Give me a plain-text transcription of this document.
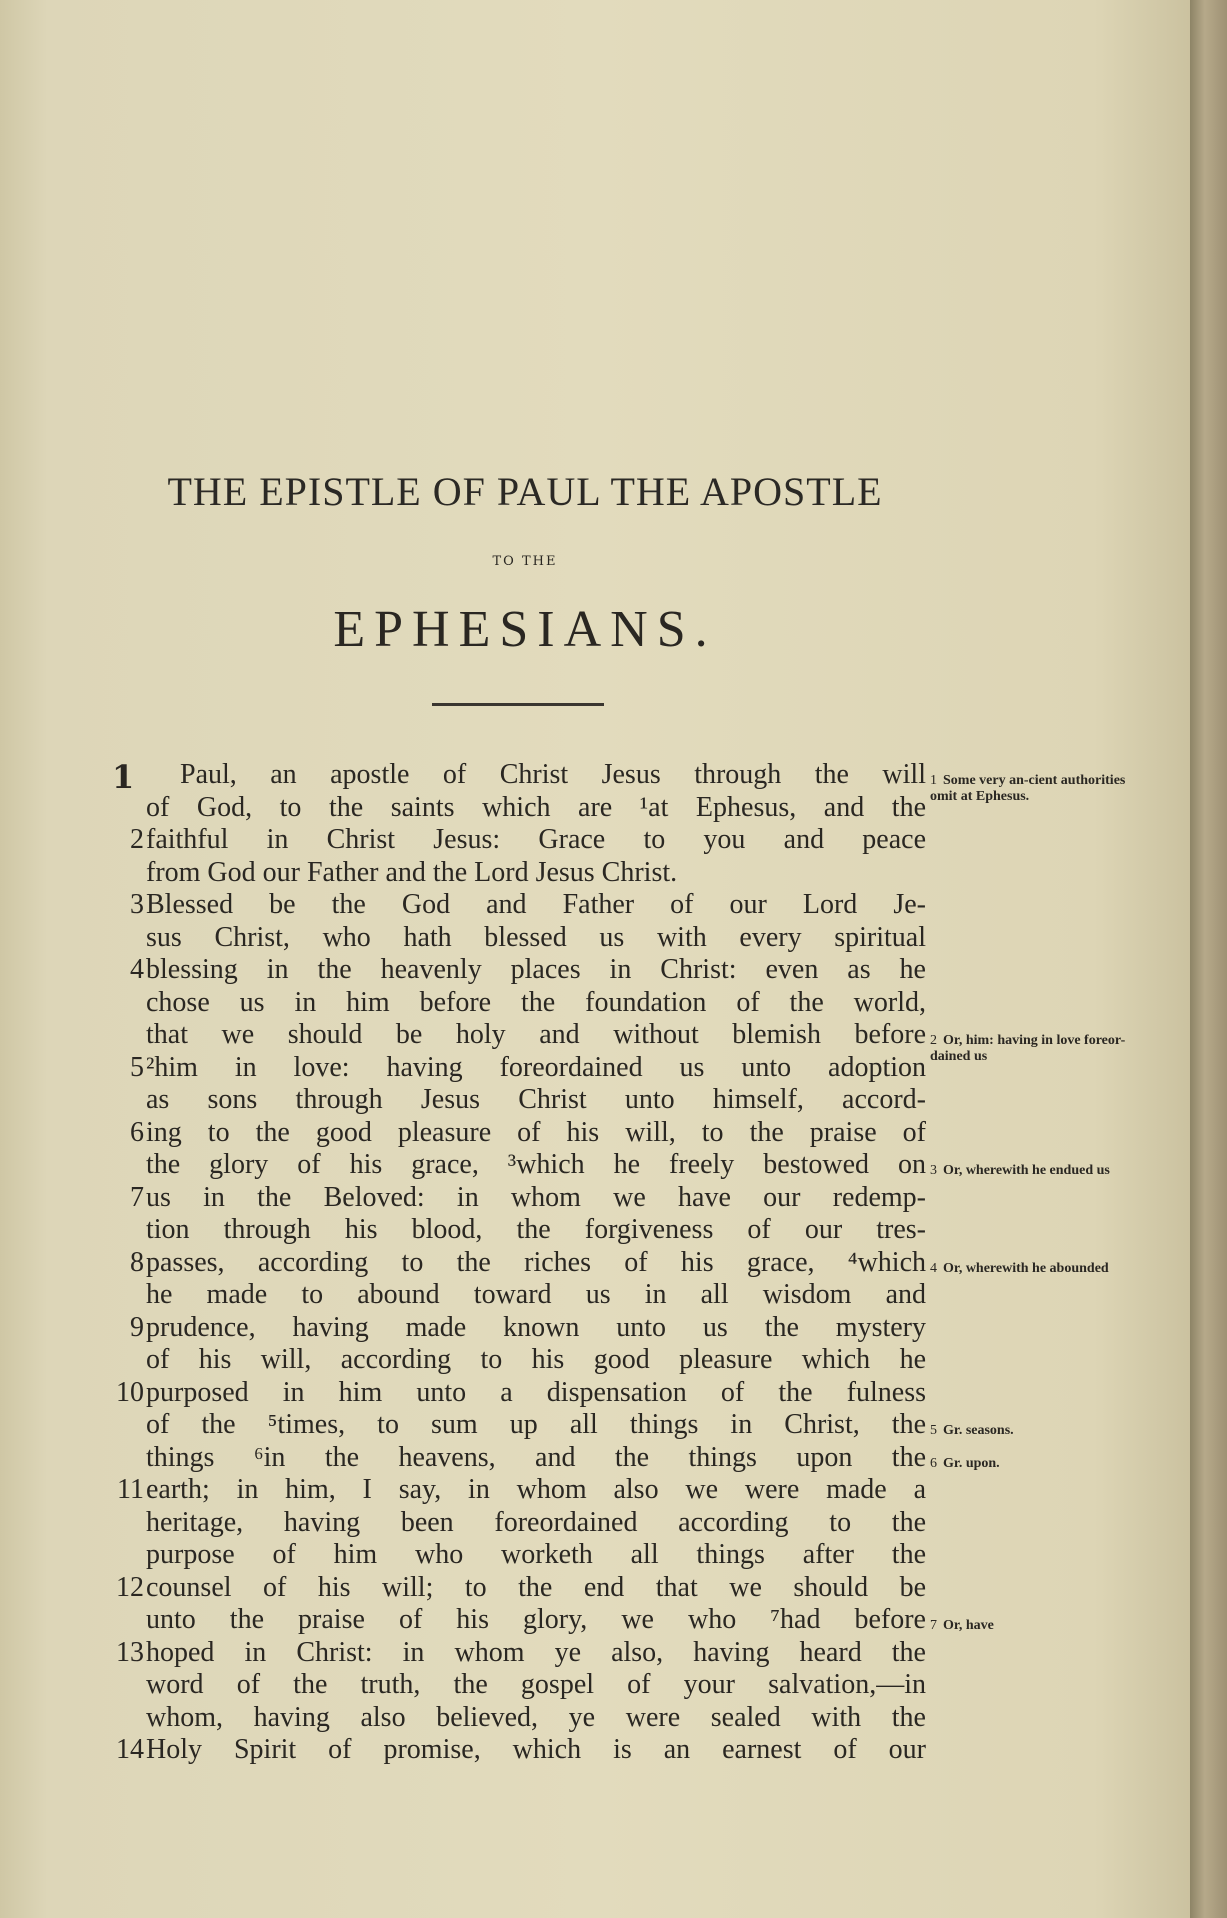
THE EPISTLE OF PAUL THE APOSTLE
TO THE
EPHESIANS.
1 Paul, an apostle of Christ Jesus through the will
of God, to the saints which are ¹at Ephesus, and the
2 faithful in Christ Jesus: Grace to you and peace
from God our Father and the Lord Jesus Christ.
3 Blessed be the God and Father of our Lord Je-
sus Christ, who hath blessed us with every spiritual
4 blessing in the heavenly places in Christ: even as he
chose us in him before the foundation of the world,
that we should be holy and without blemish before
5 ²him in love: having foreordained us unto adoption
as sons through Jesus Christ unto himself, accord-
6 ing to the good pleasure of his will, to the praise of
the glory of his grace, ³which he freely bestowed on
7 us in the Beloved: in whom we have our redemp-
tion through his blood, the forgiveness of our tres-
8 passes, according to the riches of his grace, ⁴which
he made to abound toward us in all wisdom and
9 prudence, having made known unto us the mystery
of his will, according to his good pleasure which he
10 purposed in him unto a dispensation of the fulness
of the ⁵times, to sum up all things in Christ, the
things ⁶in the heavens, and the things upon the
11 earth; in him, I say, in whom also we were made a
heritage, having been foreordained according to the
purpose of him who worketh all things after the
12 counsel of his will; to the end that we should be
unto the praise of his glory, we who ⁷had before
13 hoped in Christ: in whom ye also, having heard the
word of the truth, the gospel of your salvation,—in
whom, having also believed, ye were sealed with the
14 Holy Spirit of promise, which is an earnest of our
1 Some very an-cient authorities omit at Ephesus.
2 Or, him: having in love foreor-dained us
3 Or, wherewith he endued us
4 Or, wherewith he abounded
5 Gr. seasons.
6 Gr. upon.
7 Or, have
